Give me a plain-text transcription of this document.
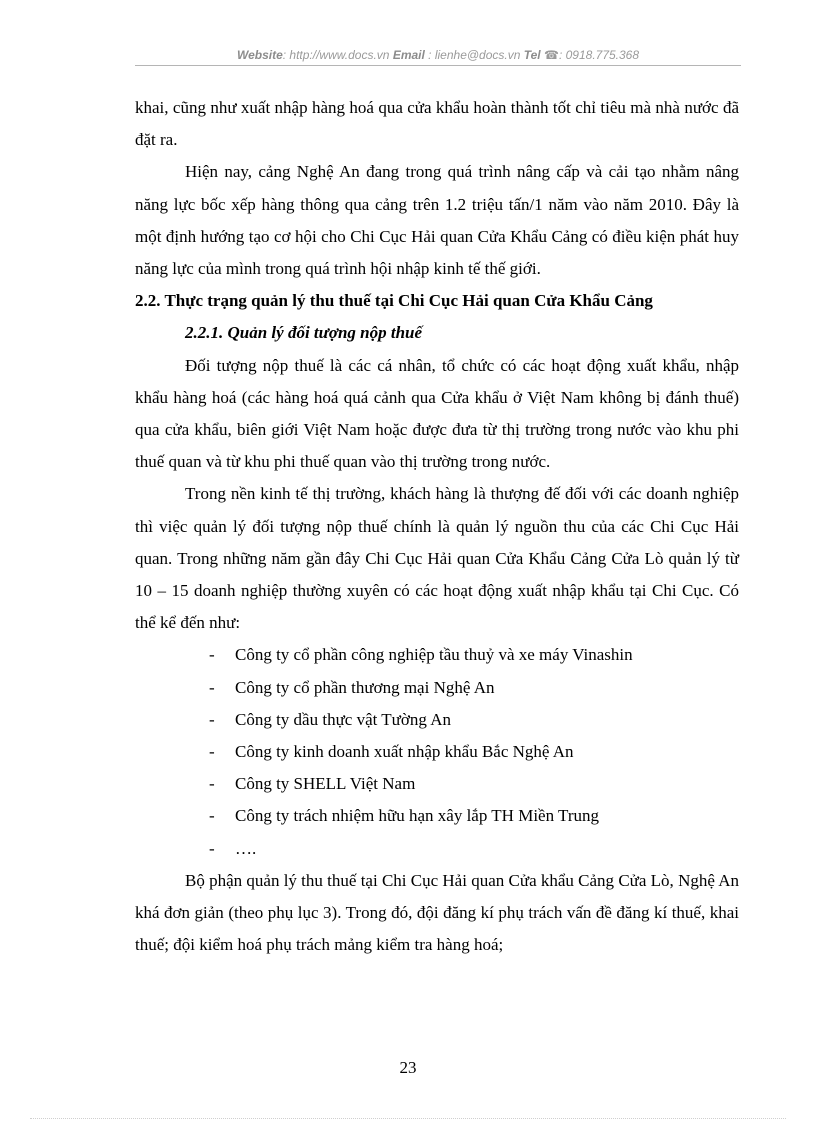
Website: http://www.docs.vn Email : lienhe@docs.vn Tel ☎: 0918.775.368

khai, cũng như xuất nhập hàng hoá qua cửa khẩu hoàn thành tốt chỉ tiêu mà nhà nước đã đặt ra.

Hiện nay, cảng Nghệ An đang trong quá trình nâng cấp và cải tạo nhằm nâng năng lực bốc xếp hàng thông qua cảng trên 1.2 triệu tấn/1 năm vào năm 2010. Đây là một định hướng tạo cơ hội cho Chi Cục Hải quan Cửa Khẩu Cảng có điều kiện phát huy năng lực của mình trong quá trình hội nhập kinh tế thế giới.

2.2. Thực trạng quản lý thu thuế tại Chi Cục Hải quan Cửa Khẩu Cảng

2.2.1. Quản lý đối tượng nộp thuế

Đối tượng nộp thuế là các cá nhân, tổ chức có các hoạt động xuất khẩu, nhập khẩu hàng hoá (các hàng hoá quá cảnh qua Cửa khẩu ở Việt Nam không bị đánh thuế) qua cửa khẩu, biên giới Việt Nam hoặc được đưa từ thị trường trong nước vào khu phi thuế quan và từ khu phi thuế quan vào thị trường trong nước.

Trong nền kinh tế thị trường, khách hàng là thượng đế đối với các doanh nghiệp thì việc quản lý đối tượng nộp thuế chính là quản lý nguồn thu của các Chi Cục Hải quan. Trong những năm gần đây Chi Cục Hải quan Cửa Khẩu Cảng Cửa Lò quản lý từ 10 – 15 doanh nghiệp thường xuyên có các hoạt động xuất nhập khẩu tại Chi Cục. Có thể kể đến như:

- Công ty cổ phần công nghiệp tầu thuỷ và xe máy Vinashin
- Công ty cổ phần thương mại Nghệ An
- Công ty dầu thực vật Tường An
- Công ty kinh doanh xuất nhập khẩu Bắc Nghệ An
- Công ty SHELL Việt Nam
- Công ty trách nhiệm hữu hạn xây lắp TH Miền Trung
- ….

Bộ phận quản lý thu thuế tại Chi Cục Hải quan Cửa khẩu Cảng Cửa Lò, Nghệ An khá đơn giản (theo phụ lục 3). Trong đó, đội đăng kí phụ trách vấn đề đăng kí thuế, khai thuế; đội kiểm hoá phụ trách mảng kiểm tra hàng hoá;

23
